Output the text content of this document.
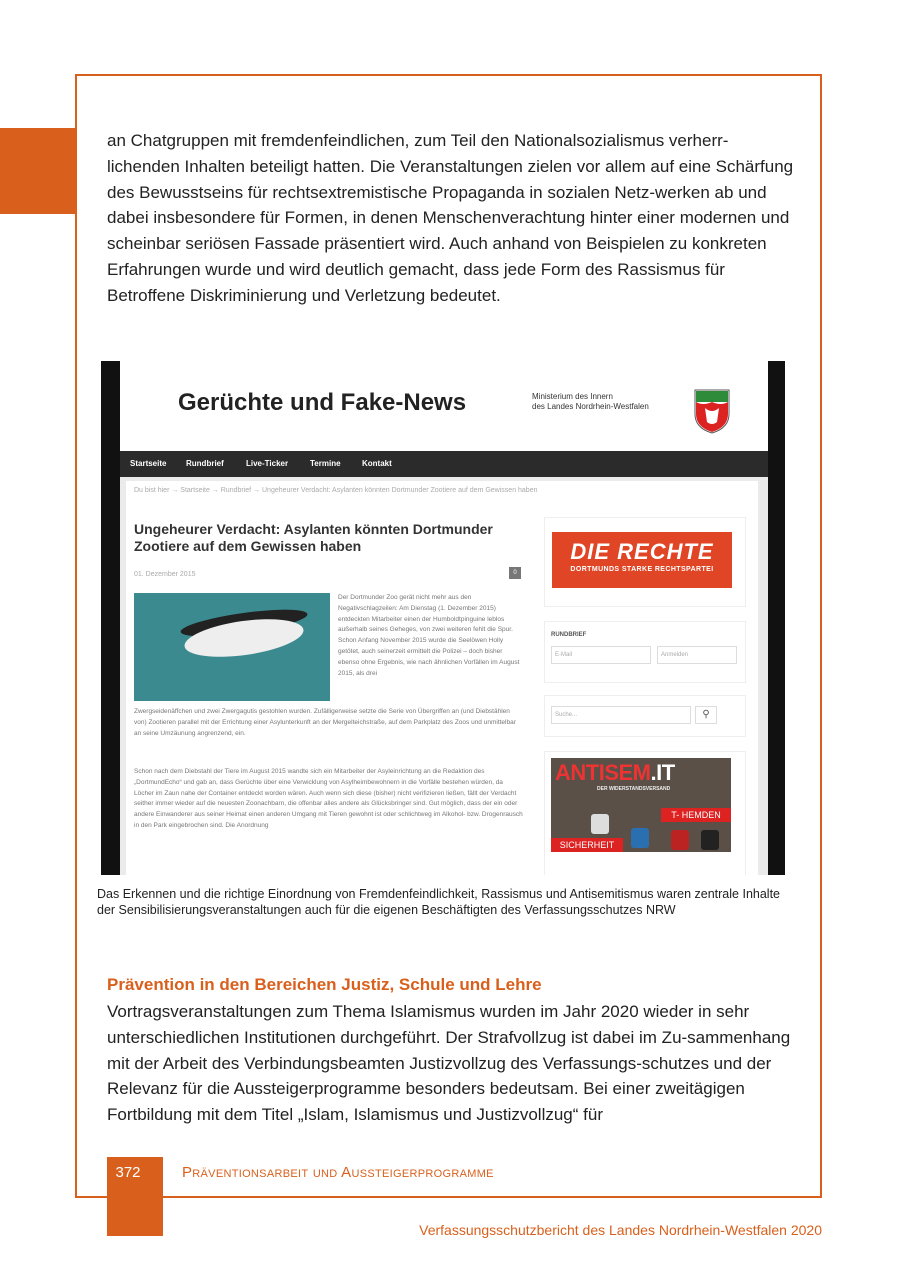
an Chatgruppen mit fremdenfeindlichen, zum Teil den Nationalsozialismus verherr-lichenden Inhalten beteiligt hatten. Die Veranstaltungen zielen vor allem auf eine Schärfung des Bewusstseins für rechtsextremistische Propaganda in sozialen Netz-werken ab und dabei insbesondere für Formen, in denen Menschenverachtung hinter einer modernen und scheinbar seriösen Fassade präsentiert wird. Auch anhand von Beispielen zu konkreten Erfahrungen wurde und wird deutlich gemacht, dass jede Form des Rassismus für Betroffene Diskriminierung und Verletzung bedeutet.

Gerüchte und Fake-News	Ministerium des Innern
des Landes Nordrhein-Westfalen
Startseite Rundbrief	Live-Ticker	Termine	Kontakt
Du bist hier → Startseite → Rundbrief → Ungeheurer Verdacht: Asylanten könnten Dortmunder Zootiere auf dem Gewissen haben
Ungeheurer Verdacht: Asylanten könnten Dortmunder Zootiere auf dem Gewissen haben
01. Dezember 2015	0
Der Dortmunder Zoo gerät nicht mehr aus den Negativschlagzeilen: Am Dienstag (1. Dezember 2015) entdeckten Mitarbeiter einen der Humboldtpinguine leblos außerhalb seines Geheges, von zwei weiteren fehlt die Spur. Schon Anfang November 2015 wurde die Seelöwen Holly getötet, auch seinerzeit ermittelt die Polizei – doch bisher ebenso ohne Ergebnis, wie nach ähnlichen Vorfällen im August 2015, als drei
Zwergseidenäffchen und zwei Zwergagutis gestohlen wurden. Zufälligerweise setzte die Serie von Übergriffen an (und Diebstählen von) Zootieren parallel mit der Errichtung einer Asylunterkunft an der Mergelteichstraße, auf dem Parkplatz des Zoos und unmittelbar an seine Umzäunung angrenzend, ein.
Schon nach dem Diebstahl der Tiere im August 2015 wandte sich ein Mitarbeiter der Asyleinrichtung an die Redaktion des „DortmundEcho“ und gab an, dass Gerüchte über eine Verwicklung von Asylheimbewohnern in die Vorfälle bestehen würden, da Löcher im Zaun nahe der Container entdeckt worden wären. Auch wenn sich diese (bisher) nicht verifizieren ließen, fällt der Verdacht seither immer wieder auf die neuesten Zoonachbarn, die offenbar alles andere als Glücksbringer sind. Gut möglich, dass der ein oder andere Einwanderer aus seiner Heimat einen anderen Umgang mit Tieren gewohnt ist oder schlichtweg im Alkohol- bzw. Drogenrausch in den Park eingebrochen sind. Die Anordnung
DIE RECHTE
DORTMUNDS STARKE RECHTSPARTEI
RUNDBRIEF
E-Mail	Anmelden
Suche...	⚲
ANTISEM.IT
DER WIDERSTANDSVERSAND
T- HEMDEN
SICHERHEIT
Das Erkennen und die richtige Einordnung von Fremdenfeindlichkeit, Rassismus und Antisemitismus waren zentrale Inhalte der Sensibilisierungsveranstaltungen auch für die eigenen Beschäftigten des Verfassungsschutzes NRW
Prävention in den Bereichen Justiz, Schule und Lehre

Vortragsveranstaltungen zum Thema Islamismus wurden im Jahr 2020 wieder in sehr unterschiedlichen Institutionen durchgeführt. Der Strafvollzug ist dabei im Zu-sammenhang mit der Arbeit des Verbindungsbeamten Justizvollzug des Verfassungs-schutzes und der Relevanz für die Aussteigerprogramme besonders bedeutsam. Bei einer zweitägigen Fortbildung mit dem Titel „Islam, Islamismus und Justizvollzug“ für

372	Präventionsarbeit und Aussteigerprogramme
Verfassungsschutzbericht des Landes Nordrhein-Westfalen 2020
